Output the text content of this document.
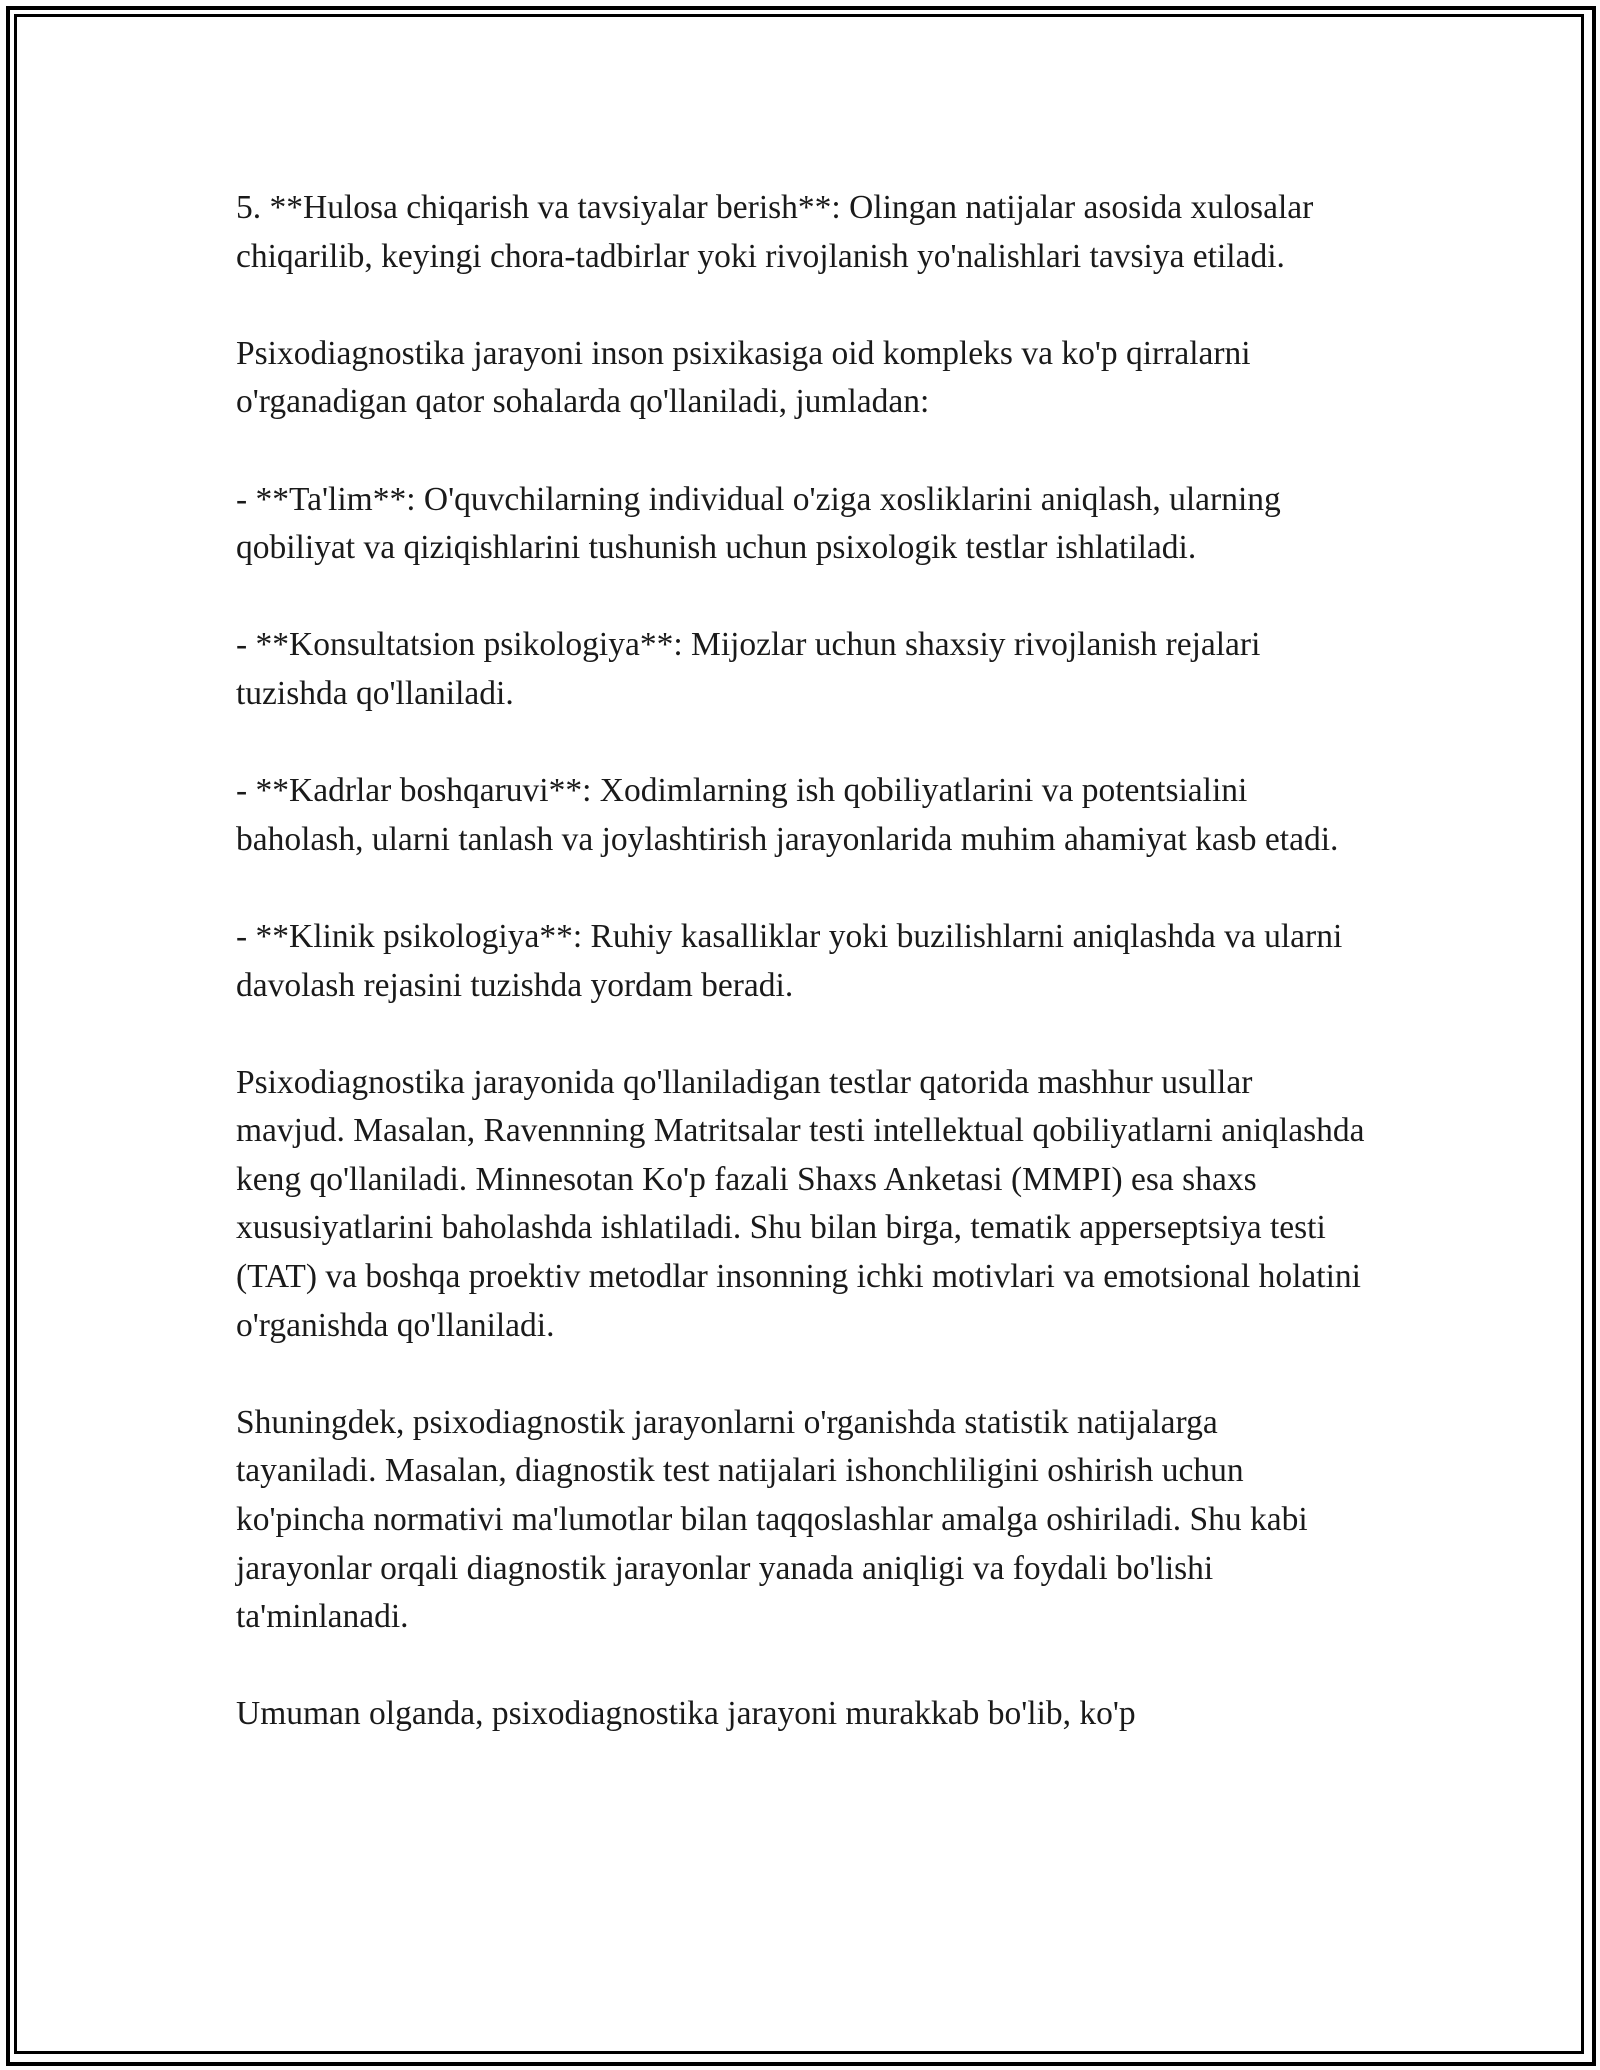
5. **Hulosa chiqarish va tavsiyalar berish**: Olingan natijalar asosida xulosalar chiqarilib, keyingi chora-tadbirlar yoki rivojlanish yo'nalishlari tavsiya etiladi.

Psixodiagnostika jarayoni inson psixikasiga oid kompleks va ko'p qirralarni o'rganadigan qator sohalarda qo'llaniladi, jumladan:

- **Ta'lim**: O'quvchilarning individual o'ziga xosliklarini aniqlash, ularning qobiliyat va qiziqishlarini tushunish uchun psixologik testlar ishlatiladi.

- **Konsultatsion psikologiya**: Mijozlar uchun shaxsiy rivojlanish rejalari tuzishda qo'llaniladi.

- **Kadrlar boshqaruvi**: Xodimlarning ish qobiliyatlarini va potentsialini baholash, ularni tanlash va joylashtirish jarayonlarida muhim ahamiyat kasb etadi.

- **Klinik psikologiya**: Ruhiy kasalliklar yoki buzilishlarni aniqlashda va ularni davolash rejasini tuzishda yordam beradi.

Psixodiagnostika jarayonida qo'llaniladigan testlar qatorida mashhur usullar mavjud. Masalan, Ravennning Matritsalar testi intellektual qobiliyatlarni aniqlashda keng qo'llaniladi. Minnesotan Ko'p fazali Shaxs Anketasi (MMPI) esa shaxs xususiyatlarini baholashda ishlatiladi. Shu bilan birga, tematik apperseptsiya testi (TAT) va boshqa proektiv metodlar insonning ichki motivlari va emotsional holatini o'rganishda qo'llaniladi.

Shuningdek, psixodiagnostik jarayonlarni o'rganishda statistik natijalarga tayaniladi. Masalan, diagnostik test natijalari ishonchliligini oshirish uchun ko'pincha normativi ma'lumotlar bilan taqqoslashlar amalga oshiriladi. Shu kabi jarayonlar orqali diagnostik jarayonlar yanada aniqligi va foydali bo'lishi ta'minlanadi.

Umuman olganda, psixodiagnostika jarayoni murakkab bo'lib, ko'p
